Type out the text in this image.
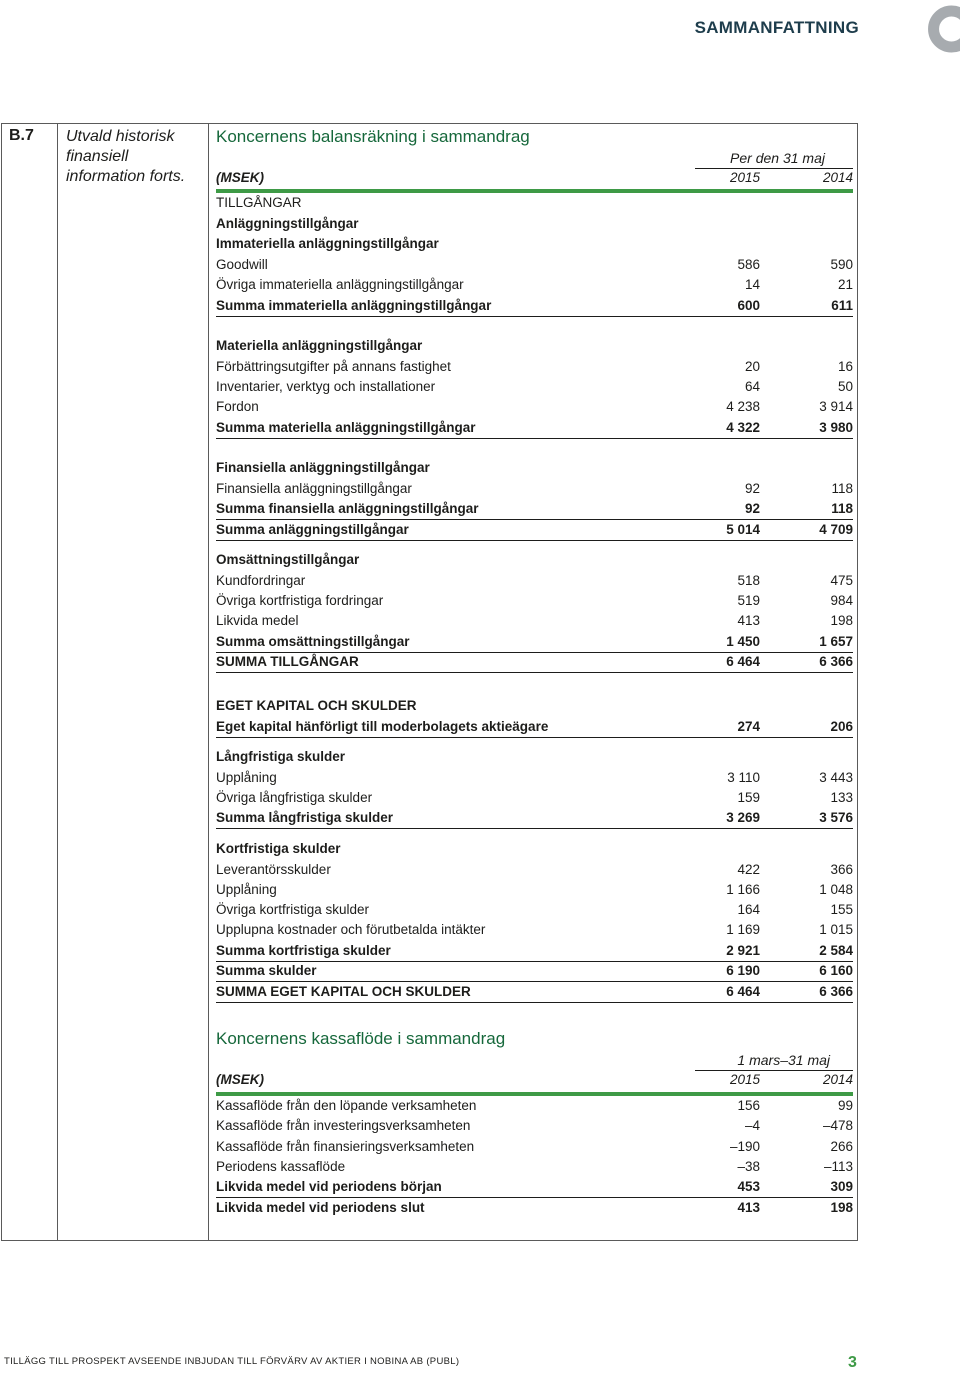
SAMMANFATTNING
B.7 Utvald historisk finansiell information forts.
Koncernens balansräkning i sammandrag
Per den 31 maj
(MSEK)	2015	2014
TILLGÅNGAR
Anläggningstillgångar
Immateriella anläggningstillgångar
Goodwill	586	590
Övriga immateriella anläggningstillgångar	14	21
Summa immateriella anläggningstillgångar	600	611
Materiella anläggningstillgångar
Förbättringsutgifter på annans fastighet	20	16
Inventarier, verktyg och installationer	64	50
Fordon	4 238	3 914
Summa materiella anläggningstillgångar	4 322	3 980
Finansiella anläggningstillgångar
Finansiella anläggningstillgångar	92	118
Summa finansiella anläggningstillgångar	92	118
Summa anläggningstillgångar	5 014	4 709
Omsättningstillgångar
Kundfordringar	518	475
Övriga kortfristiga fordringar	519	984
Likvida medel	413	198
Summa omsättningstillgångar	1 450	1 657
SUMMA TILLGÅNGAR	6 464	6 366
EGET KAPITAL OCH SKULDER
Eget kapital hänförligt till moderbolagets aktieägare	274	206
Långfristiga skulder
Upplåning	3 110	3 443
Övriga långfristiga skulder	159	133
Summa långfristiga skulder	3 269	3 576
Kortfristiga skulder
Leverantörsskulder	422	366
Upplåning	1 166	1 048
Övriga kortfristiga skulder	164	155
Upplupna kostnader och förutbetalda intäkter	1 169	1 015
Summa kortfristiga skulder	2 921	2 584
Summa skulder	6 190	6 160
SUMMA EGET KAPITAL OCH SKULDER	6 464	6 366
Koncernens kassaflöde i sammandrag
1 mars–31 maj
(MSEK)	2015	2014
Kassaflöde från den löpande verksamheten	156	99
Kassaflöde från investeringsverksamheten	–4	–478
Kassaflöde från finansieringsverksamheten	–190	266
Periodens kassaflöde	–38	–113
Likvida medel vid periodens början	453	309
Likvida medel vid periodens slut	413	198
TILLÄGG TILL PROSPEKT AVSEENDE INBJUDAN TILL FÖRVÄRV AV AKTIER I NOBINA AB (PUBL)	3
